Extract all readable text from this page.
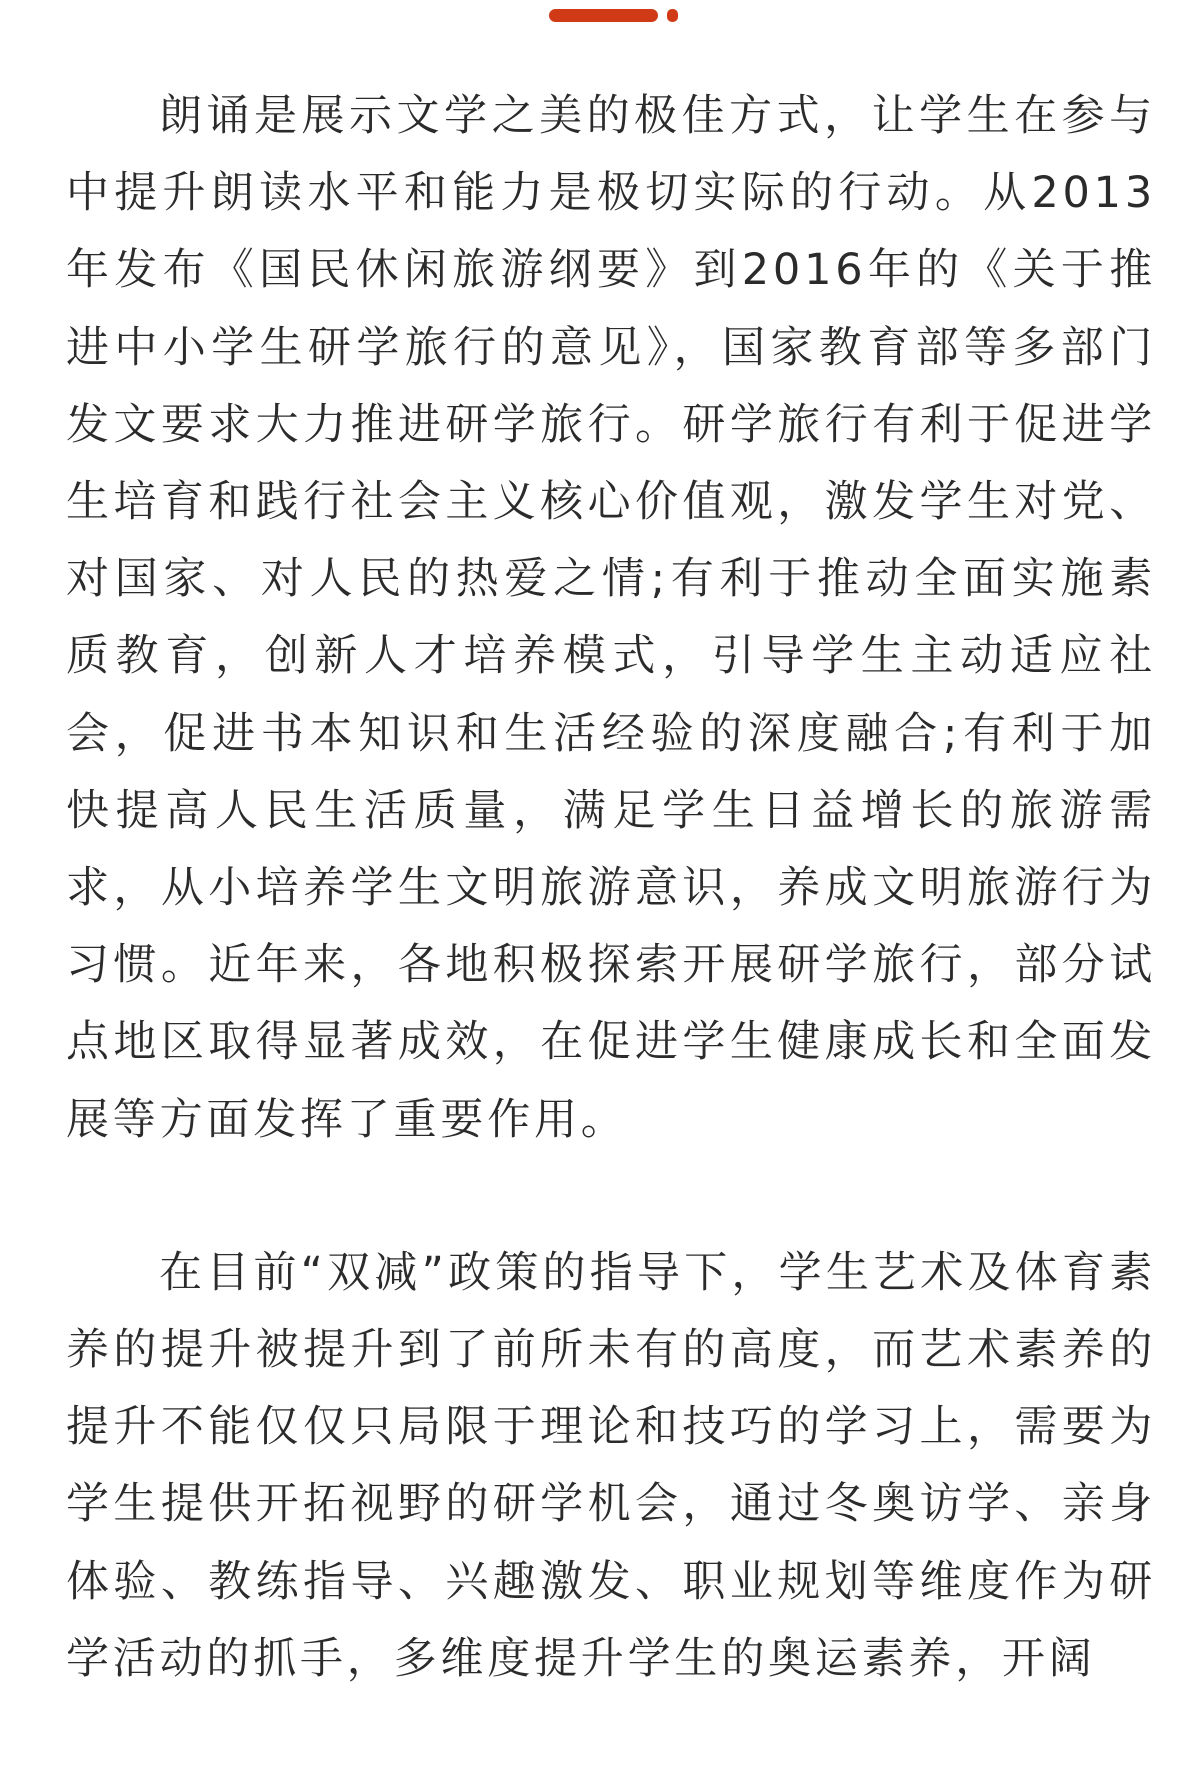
朗诵是展示文学之美的极佳方式，让学生在参与中提升朗读水平和能力是极切实际的行动。从2013年发布《国民休闲旅游纲要》到2016年的《关于推进中小学生研学旅行的意见》，国家教育部等多部门发文要求大力推进研学旅行。研学旅行有利于促进学生培育和践行社会主义核心价值观，激发学生对党、对国家、对人民的热爱之情;有利于推动全面实施素质教育，创新人才培养模式，引导学生主动适应社会，促进书本知识和生活经验的深度融合;有利于加快提高人民生活质量，满足学生日益增长的旅游需求，从小培养学生文明旅游意识，养成文明旅游行为习惯。近年来，各地积极探索开展研学旅行，部分试点地区取得显著成效，在促进学生健康成长和全面发展等方面发挥了重要作用。

在目前“双减”政策的指导下，学生艺术及体育素养的提升被提升到了前所未有的高度，而艺术素养的提升不能仅仅只局限于理论和技巧的学习上，需要为学生提供开拓视野的研学机会，通过冬奥访学、亲身体验、教练指导、兴趣激发、职业规划等维度作为研学活动的抓手，多维度提升学生的奥运素养，开阔
